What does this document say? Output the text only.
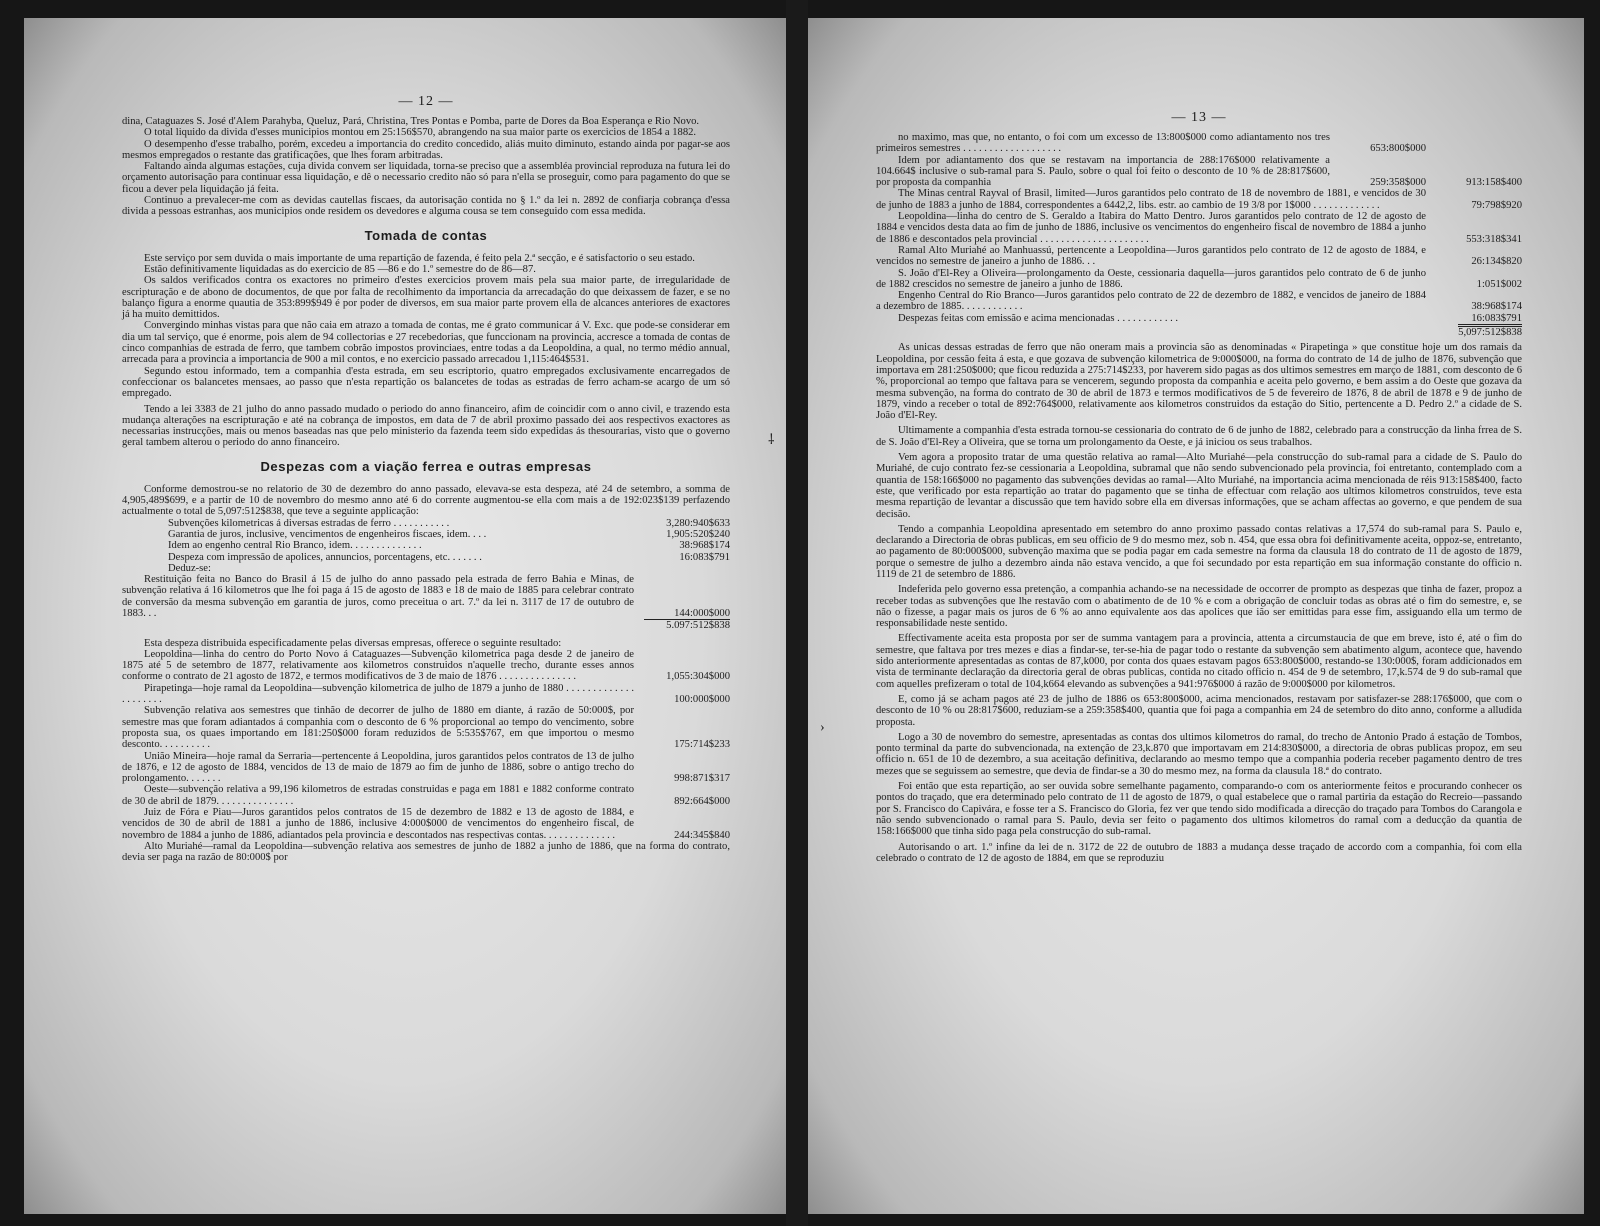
— 12 —

dina, Cataguazes S. José d'Alem Parahyba, Queluz, Pará, Christina, Tres Pontas e Pomba, parte de Dores da Boa Esperança e Rio Novo.

O total liquido da divida d'esses municipios montou em 25:156$570, abrangendo na sua maior parte os exercicios de 1854 a 1882.

O desempenho d'esse trabalho, porém, excedeu a importancia do credito concedido, aliás muito diminuto, estando ainda por pagar-se aos mesmos empregados o restante das gratificações, que lhes foram arbitradas.

Faltando ainda algumas estações, cuja divida convem ser liquidada, torna-se preciso que a assembléa provincial reproduza na futura lei do orçamento autorisação para continuar essa liquidação, e dê o necessario credito não só para n'ella se proseguir, como para pagamento do que se ficou a dever pela liquidação já feita.

Continuo a prevalecer-me com as devidas cautellas fiscaes, da autorisação contida no § 1.º da lei n. 2892 de confiarja cobrança d'essa divida a pessoas estranhas, aos municipios onde residem os devedores e alguma cousa se tem conseguido com essa medida.

Tomada de contas

Este serviço por sem duvida o mais importante de uma repartição de fazenda, é feito pela 2.ª secção, e é satisfactorio o seu estado.

Estão definitivamente liquidadas as do exercicio de 85 —86 e do 1.º semestre do de 86—87.

Os saldos verificados contra os exactores no primeiro d'estes exercicios provem mais pela sua maior parte, de irregularidade de escripturação e de abono de documentos, de que por falta de recolhimento da importancia da arrecadação do que deixassem de fazer, e se no balanço figura a enorme quautia de 353:899$949 é por poder de diversos, em sua maior parte provem ella de alcances anteriores de exactores já ha muito demittidos.

Convergindo minhas vistas para que não caia em atrazo a tomada de contas, me é grato communicar á V. Exc. que pode-se considerar em dia um tal serviço, que é enorme, pois alem de 94 collectorias e 27 recebedorias, que funccionam na provincia, accresce a tomada de contas de cinco companhias de estrada de ferro, que tambem cobrão impostos provinciaes, entre todas a da Leopoldina, a qual, no termo médio annual, arrecada para a provincia a importancia de 900 a mil contos, e no exercicio passado arrecadou 1,115:464$531.

Segundo estou informado, tem a companhia d'esta estrada, em seu escriptorio, quatro empregados exclusivamente encarregados de confeccionar os balancetes mensaes, ao passo que n'esta repartição os balancetes de todas as estradas de ferro acham-se acargo de um só empregado.

Tendo a lei 3383 de 21 julho do anno passado mudado o periodo do anno financeiro, afim de coincidir com o anno civil, e trazendo esta mudança alterações na escripturação e até na cobrança de impostos, em data de 7 de abril proximo passado dei aos respectivos exactores as necessarias instrucções, mais ou menos baseadas nas que pelo ministerio da fazenda teem sido expedidas ás thesourarias, visto que o governo geral tambem alterou o periodo do anno financeiro.

Despezas com a viação ferrea e outras empresas

Conforme demostrou-se no relatorio de 30 de dezembro do anno passado, elevava-se esta despeza, até 24 de setembro, a somma de 4,905,489$699, e a partir de 10 de novembro do mesmo anno até 6 do corrente augmentou-se ella com mais a de 192:023$139 perfazendo actualmente o total de 5,097:512$838, que teve a seguinte applicação:

Subvenções kilometricas á diversas estradas de ferro . . . . . . . . . . .	3,280:940$633
Garantia de juros, inclusive, vencimentos de engenheiros fiscaes, idem. . . .	1,905:520$240
Idem ao engenho central Rio Branco, idem. . . . . . . . . . . . . .	38:968$174
Despeza com impressão de apolices, annuncios, porcentagens, etc. . . . . . .	16:083$791
Deduz-se:

Restituição feita no Banco do Brasil á 15 de julho do anno passado pela estrada de ferro Bahia e Minas, de subvenção relativa á 16 kilometros que lhe foi paga á 15 de agosto de 1883 e 18 de maio de 1885 para celebrar contrato de conversão da mesma subvenção em garantia de juros, como preceitua o art. 7.º da lei n. 3117 de 17 de outubro de 1883. . .	144:000$000
5.097:512$838

Esta despeza distribuida especificadamente pelas diversas empresas, offerece o seguinte resultado:

Leopoldina—linha do centro do Porto Novo á Cataguazes—Subvenção kilometrica paga desde 2 de janeiro de 1875 até 5 de setembro de 1877, relativamente aos kilometros construidos n'aquelle trecho, durante esses annos conforme o contrato de 21 agosto de 1872, e termos modificativos de 3 de maio de 1876 . . . . . . . . . . . . . . .	1,055:304$000

Pirapetinga—hoje ramal da Leopoldina—subvenção kilometrica de julho de 1879 a junho de 1880 . . . . . . . . . . . . . . . . . . . . .	100:000$000

Subvenção relativa aos semestres que tinhão de decorrer de julho de 1880 em diante, á razão de 50:000$, por semestre mas que foram adiantados á companhia com o desconto de 6 % proporcional ao tempo do vencimento, sobre proposta sua, os quaes importando em 181:250$000 foram reduzidos de 5:535$767, em que importou o mesmo desconto. . . . . . . . . .	175:714$233

União Mineira—hoje ramal da Serraria—pertencente á Leopoldina, juros garantidos pelos contratos de 13 de julho de 1876, e 12 de agosto de 1884, vencidos de 13 de maio de 1879 ao fim de junho de 1886, sobre o antigo trecho do prolongamento. . . . . . .	998:871$317

Oeste—subvenção relativa a 99,196 kilometros de estradas construidas e paga em 1881 e 1882 conforme contrato de 30 de abril de 1879. . . . . . . . . . . . . . .	892:664$000

Juiz de Fóra e Piau—Juros garantidos pelos contratos de 15 de dezembro de 1882 e 13 de agosto de 1884, e vencidos de 30 de abril de 1881 a junho de 1886, inclusive 4:000$000 de vencimentos do engenheiro fiscal, de novembro de 1884 a junho de 1886, adiantados pela provincia e descontados nas respectivas contas. . . . . . . . . . . . . .	244:345$840

Alto Muriahé—ramal da Leopoldina—subvenção relativa aos semestres de junho de 1882 a junho de 1886, que na forma do contrato, devia ser paga na razão de 80:000$ por

— 13 —

no maximo, mas que, no entanto, o foi com um excesso de 13:800$000 como adiantamento nos tres primeiros semestres . . . . . . . . . . . . . . . . . . .	653:800$000

Idem por adiantamento dos que se restavam na importancia de 288:176$000 relativamente a 104.664$ inclusive o sub-ramal para S. Paulo, sobre o qual foi feito o desconto de 10 % de 28:817$600, por proposta da companhia	259:358$000	913:158$400

The Minas central Rayval of Brasil, limited—Juros garantidos pelo contrato de 18 de novembro de 1881, e vencidos de 30 de junho de 1883 a junho de 1884, correspondentes a 6442,2, libs. estr. ao cambio de 19 3/8 por 1$000 . . . . . . . . . . . . .	79:798$920

Leopoldina—linha do centro de S. Geraldo a Itabira do Matto Dentro. Juros garantidos pelo contrato de 12 de agosto de 1884 e vencidos desta data ao fim de junho de 1886, inclusive os vencimentos do engenheiro fiscal de novembro de 1884 a junho de 1886 e descontados pela provincial . . . . . . . . . . . . . . . . . . . . .	553:318$341

Ramal Alto Muriahé ao Manhuassú, pertencente a Leopoldina—Juros garantidos pelo contrato de 12 de agosto de 1884, e vencidos no semestre de janeiro a junho de 1886. . .	26:134$820

S. João d'El-Rey a Oliveira—prolongamento da Oeste, cessionaria daquella—juros garantidos pelo contrato de 6 de junho de 1882 crescidos no semestre de janeiro a junho de 1886.	1:051$002

Engenho Central do Rio Branco—Juros garantidos pelo contrato de 22 de dezembro de 1882, e vencidos de janeiro de 1884 a dezembro de 1885. . . . . . . . . . . .	38:968$174

Despezas feitas com emissão e acima mencionadas . . . . . . . . . . . .	16:083$791
5,097:512$838

As unicas dessas estradas de ferro que não oneram mais a provincia são as denominadas « Pirapetinga » que constitue hoje um dos ramais da Leopoldina, por cessão feita á esta, e que gozava de subvenção kilometrica de 9:000$000, na forma do contrato de 14 de julho de 1876, subvenção que importava em 281:250$000; que ficou reduzida a 275:714$233, por haverem sido pagas as dos ultimos semestres em março de 1881, com desconto de 6 %, proporcional ao tempo que faltava para se vencerem, segundo proposta da companhia e aceita pelo governo, e bem assim a do Oeste que gozava da mesma subvenção, na forma do contrato de 30 de abril de 1873 e termos modificativos de 5 de fevereiro de 1876, 8 de abril de 1878 e 9 de junho de 1879, vindo a receber o total de 892:764$000, relativamente aos kilometros construidos da estação do Sitio, pertencente a D. Pedro 2.º a cidade de S. João d'El-Rey.

Ultimamente a companhia d'esta estrada tornou-se cessionaria do contrato de 6 de junho de 1882, celebrado para a construcção da linha frrea de S. de S. João d'El-Rey a Oliveira, que se torna um prolongamento da Oeste, e já iniciou os seus trabalhos.

Vem agora a proposito tratar de uma questão relativa ao ramal—Alto Muriahé—pela construcção do sub-ramal para a cidade de S. Paulo do Muriahé, de cujo contrato fez-se cessionaria a Leopoldina, subramal que não sendo subvencionado pela provincia, foi entretanto, contemplado com a quantia de 158:166$000 no pagamento das subvenções devidas ao ramal—Alto Muriahé, na importancia acima mencionada de réis 913:158$400, facto este, que verificado por esta repartição ao tratar do pagamento que se tinha de effectuar com relação aos ultimos kilometros construidos, teve esta mesma repartição de levantar a discussão que tem havido sobre ella em diversas informações, que se acham affectas ao governo, e que pendem de sua decisão.

Tendo a companhia Leopoldina apresentado em setembro do anno proximo passado contas relativas a 17,574 do sub-ramal para S. Paulo e, declarando a Directoria de obras publicas, em seu officio de 9 do mesmo mez, sob n. 454, que essa obra foi definitivamente aceita, oppoz-se, entretanto, ao pagamento de 80:000$000, subvenção maxima que se podia pagar em cada semestre na forma da clausula 18 do contrato de 11 de agosto de 1879, porque o semestre de julho a dezembro ainda não estava vencido, a que foi secundado por esta repartição em sua informação constante do officio n. 1119 de 21 de setembro de 1886.

Indeferida pelo governo essa pretenção, a companhia achando-se na necessidade de occorrer de prompto as despezas que tinha de fazer, propoz a receber todas as subvenções que lhe restavão com o abatimento de de 10 % e com a obrigação de concluir todas as obras até o fim do semestre, e, se não o fizesse, a pagar mais os juros de 6 % ao anno equivalente aos das apolices que ião ser emittidas para esse fim, assiguando ella um termo de responsabilidade neste sentido.

Effectivamente aceita esta proposta por ser de summa vantagem para a provincia, attenta a circumstaucia de que em breve, isto é, até o fim do semestre, que faltava por tres mezes e dias a findar-se, ter-se-hia de pagar todo o restante da subvenção sem abatimento algum, acontece que, havendo sido anteriormente apresentadas as contas de 87,k000, por conta dos quaes estavam pagos 653:800$000, restando-se 130:000$, foram addicionados em vista de terminante declaração da directoria geral de obras publicas, contida no citado officio n. 454 de 9 de setembro, 17,k.574 de 9 do sub-ramal que com aquelles prefizeram o total de 104,k664 elevando as subvenções a 941:976$000 á razão de 9:000$000 por kilometros.

E, como já se acham pagos até 23 de julho de 1886 os 653:800$000, acima mencionados, restavam por satisfazer-se 288:176$000, que com o desconto de 10 % ou 28:817$600, reduziam-se a 259:358$400, quantia que foi paga a companhia em 24 de setembro do dito anno, conforme a alludida proposta.

Logo a 30 de novembro do semestre, apresentadas as contas dos ultimos kilometros do ramal, do trecho de Antonio Prado á estação de Tombos, ponto terminal da parte do subvencionada, na extenção de 23,k.870 que importavam em 214:830$000, a directoria de obras publicas propoz, em seu officio n. 651 de 10 de dezembro, a sua aceitação definitiva, declarando ao mesmo tempo que a companhia poderia receber pagamento dentro de tres mezes que se seguissem ao semestre, que devia de findar-se a 30 do mesmo mez, na forma da clausula 18.ª do contrato.

Foi então que esta repartição, ao ser ouvida sobre semelhante pagamento, comparando-o com os anteriormente feitos e procurando conhecer os pontos do traçado, que era determinado pelo contrato de 11 de agosto de 1879, o qual estabelece que o ramal partiria da estação do Recreio—passando por S. Francisco do Capivára, e fosse ter a S. Francisco do Gloria, fez ver que tendo sido modificada a direcção do traçado para Tombos do Carangola e não sendo subvencionado o ramal para S. Paulo, devia ser feito o pagamento dos ultimos kilometros do ramal com a deducção da quantia de 158:166$000 que tinha sido paga pela construcção do sub-ramal.

Autorisando o art. 1.º infine da lei de n. 3172 de 22 de outubro de 1883 a mudança desse traçado de accordo com a companhia, foi com ella celebrado o contrato de 12 de agosto de 1884, em que se reproduziu

⸸
›
